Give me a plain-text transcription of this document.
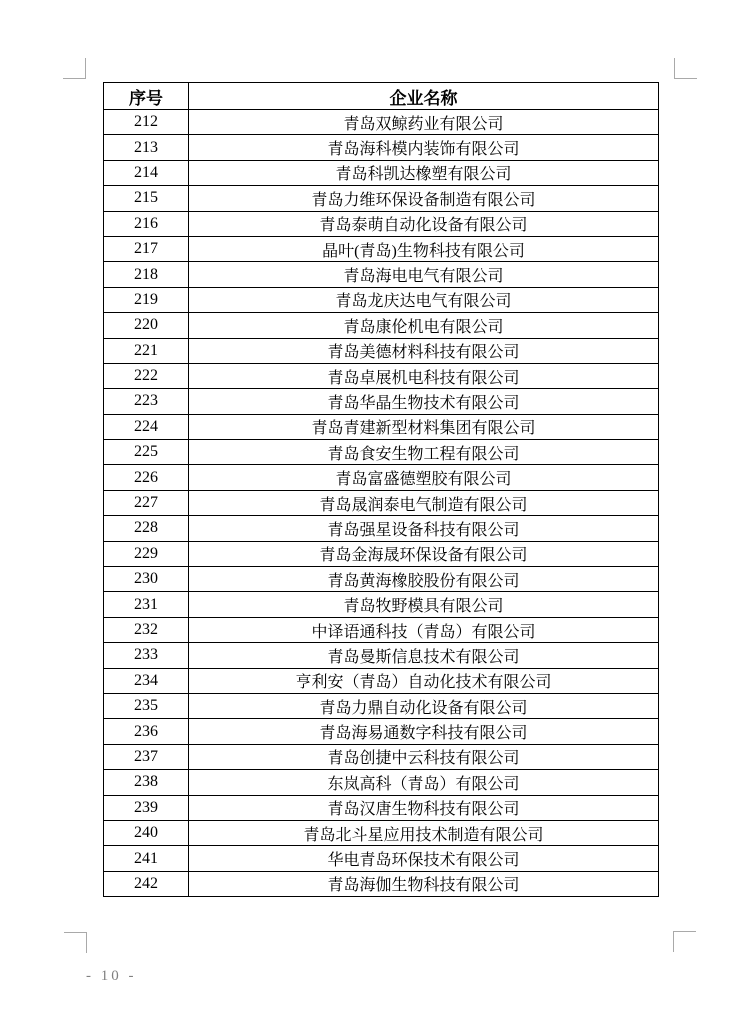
序号	企业名称
212	青岛双鲸药业有限公司
213	青岛海科模内装饰有限公司
214	青岛科凯达橡塑有限公司
215	青岛力维环保设备制造有限公司
216	青岛泰萌自动化设备有限公司
217	晶叶(青岛)生物科技有限公司
218	青岛海电电气有限公司
219	青岛龙庆达电气有限公司
220	青岛康伦机电有限公司
221	青岛美德材料科技有限公司
222	青岛卓展机电科技有限公司
223	青岛华晶生物技术有限公司
224	青岛青建新型材料集团有限公司
225	青岛食安生物工程有限公司
226	青岛富盛德塑胶有限公司
227	青岛晟润泰电气制造有限公司
228	青岛强星设备科技有限公司
229	青岛金海晟环保设备有限公司
230	青岛黄海橡胶股份有限公司
231	青岛牧野模具有限公司
232	中译语通科技（青岛）有限公司
233	青岛曼斯信息技术有限公司
234	亨利安（青岛）自动化技术有限公司
235	青岛力鼎自动化设备有限公司
236	青岛海易通数字科技有限公司
237	青岛创捷中云科技有限公司
238	东岚高科（青岛）有限公司
239	青岛汉唐生物科技有限公司
240	青岛北斗星应用技术制造有限公司
241	华电青岛环保技术有限公司
242	青岛海伽生物科技有限公司
- 10 -
